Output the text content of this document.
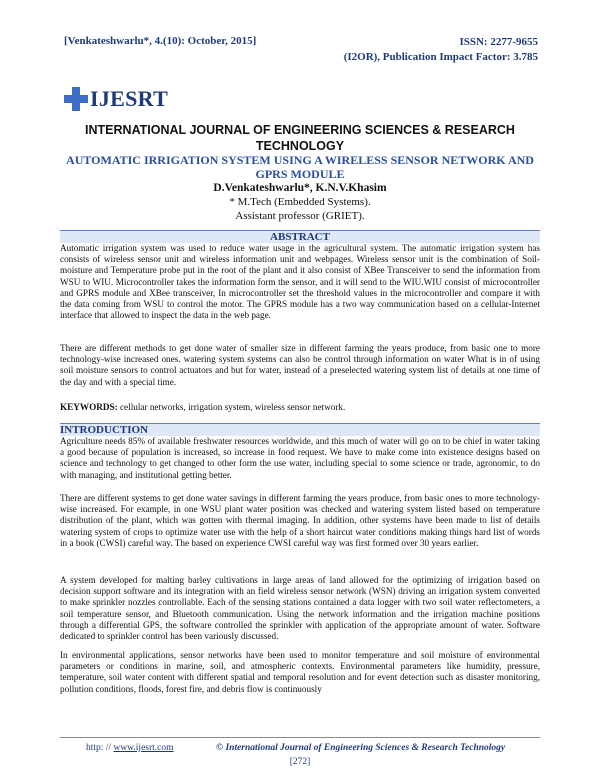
[Venkateshwarlu*, 4.(10): October, 2015]	ISSN: 2277-9655
(I2OR), Publication Impact Factor: 3.785
IJESRT
INTERNATIONAL JOURNAL OF ENGINEERING SCIENCES & RESEARCH TECHNOLOGY
AUTOMATIC IRRIGATION SYSTEM USING A WIRELESS SENSOR NETWORK AND GPRS MODULE
D.Venkateshwarlu*, K.N.V.Khasim
* M.Tech (Embedded Systems).
Assistant professor (GRIET).
ABSTRACT
Automatic irrigation system was used to reduce water usage in the agricultural system. The automatic irrigation system has consists of wireless sensor unit and wireless information unit and webpages. Wireless sensor unit is the combination of Soil-moisture and Temperature probe put in the root of the plant and it also consist of XBee Transceiver to send the information from WSU to WIU. Microcontroller takes the information form the sensor, and it will send to the WIU.WIU consist of microcontroller and GPRS module and XBee transceiver, In microcontroller set the threshold values in the microcontroller and compare it with the data coming from WSU to control the motor. The GPRS module has a two way communication based on a cellular-Internet interface that allowed to inspect the data in the web page.
There are different methods to get done water of smaller size in different farming the years produce, from basic one to more technology-wise increased ones. watering system systems can also be control through information on water What is in of using soil moisture sensors to control actuators and but for water, instead of a preselected watering system list of details at one time of the day and with a special time.
KEYWORDS: cellular networks, irrigation system, wireless sensor network.
INTRODUCTION
Agriculture needs 85% of available freshwater resources worldwide, and this much of water will go on to be chief in water taking a good because of population is increased, so increase in food request. We have to make come into existence designs based on science and technology to get changed to other form the use water, including special to some science or trade, agronomic, to do with managing, and institutional getting better.
There are different systems to get done water savings in different farming the years produce, from basic ones to more technology-wise increased. For example, in one WSU plant water position was checked and watering system listed based on temperature distribution of the plant, which was gotten with thermal imaging. In addition, other systems have been made to list of details watering system of crops to optimize water use with the help of a short haircut water conditions making things hard list of words in a book (CWSI) careful way. The based on experience CWSI careful way was first formed over 30 years earlier.
A system developed for malting barley cultivations in large areas of land allowed for the optimizing of irrigation based on decision support software and its integration with an field wireless sensor network (WSN) driving an irrigation system converted to make sprinkler nozzles controllable. Each of the sensing stations contained a data logger with two soil water reflectometers, a soil temperature sensor, and Bluetooth communication. Using the network information and the irrigation machine positions through a differential GPS, the software controlled the sprinkler with application of the appropriate amount of water. Software dedicated to sprinkler control has been variously discussed.
In environmental applications, sensor networks have been used to monitor temperature and soil moisture of environmental parameters or conditions in marine, soil, and atmospheric contexts. Environmental parameters like humidity, pressure, temperature, soil water content with different spatial and temporal resolution and for event detection such as disaster monitoring, pollution conditions, floods, forest fire, and debris flow is continuously
http: // www.ijesrt.com	© International Journal of Engineering Sciences & Research Technology
[272]
